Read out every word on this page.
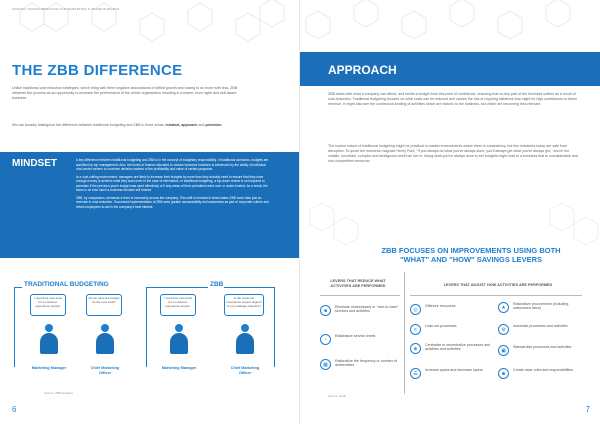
SAVINGS TRANSFORMATION FOR MARKETING & TRADE BUDGETS
THE ZBB DIFFERENCE
Unlike traditional cost reduction strategies, which bring with them negative associations of stifled growth and having to do more with less, ZBB reframes the process as an opportunity to increase the performance of the whole organization resulting in a leaner, more agile and self-aware business.
We can broadly distinguish the difference between traditional budgeting and ZBB in three areas: mindset, approach and precision.
MINDSET	A key difference between traditional budgeting and ZBB is in the concept of budgetary responsibility. In traditional scenarios, budgets are specified by top management. Also, the levels of finance allocated to various business functions is influenced by the ability of individual cost-center owners to convince decision-makers of the profitability and value of certain programs.

In a cost-cutting environment, managers are likely to increase their budgets by more than they actually need to ensure that they have enough money to achieve what they want even in the case of elimination. In traditional budgeting, a top-down review is not required to ascertain if the previous year's budget was used effectively or if any areas of their operations were over or under-funded. As a result, the focus is on how much a business function will receive.

ZBB, by comparison, demands a level of ownership across the company. This shift in mindset is what makes ZBB more than just an exercise in cost-reduction. Successful implementation of ZBB sees greater accountability and awareness as part of corporate culture and drives employees to act in the company's best interest.

TRADITIONAL BUDGETING	ZBB
I need four new tools for a customer experience project.
Do we have the budget for the new tools?
I need four new tools for a customer experience project.
Is the customer experience project aligned to our strategic objective?
Marketing Manager	Chief Marketing Officer
Marketing Manager	Chief Marketing Officer
Source: ZBB Analysis
6
APPROACH
ZBB starts with what a company can afford, and builds a budget from this point of confidence, ensuring that no key part of the business suffers as a result of cost-reduction. Traditional budgeting focuses on what costs can be reduced and carries the risk of crippling initiatives that might be high contributors to future revenue. It might also see the continuous funding of activities which are historic to the business, but which are becoming less relevant.
The routine nature of traditional budgeting might be practical in market environments where there is consistency, but few industries today are safe from disruption. To quote the business magnate Henry Ford, "If you always do what you've always done, you'll always get what you've always got," and in the volatile, uncertain, complex and ambiguous world we live in, doing what you've always done to set budgets might lead to a business that is unsustainable and non-competitive tomorrow.
ZBB FOCUSES ON IMPROVEMENTS USING BOTH "WHAT" AND "HOW" SAVINGS LEVERS
LEVERS THAT REDUCE WHAT ACTIVITIES ARE PERFORMED	LEVERS THAT ADJUST HOW ACTIVITIES ARE PERFORMED
■
Eliminate unnecessary or "nice-to-have" services and activities
◔
Rationalize service levels
▦
Rationalize the frequency or number of deliverables
◎
Offshore resources
≡
Lean-out processes
◈
Centralize or decentralize processes and activities and activities
☰
Increase spans and decrease layers
★
Rationalize procurement (including outsourced labor)
⚙
Automate processes and activities
▣
Standardize processes and activities
☻
Create clear roles and responsibilities
Source: Kearl
7
